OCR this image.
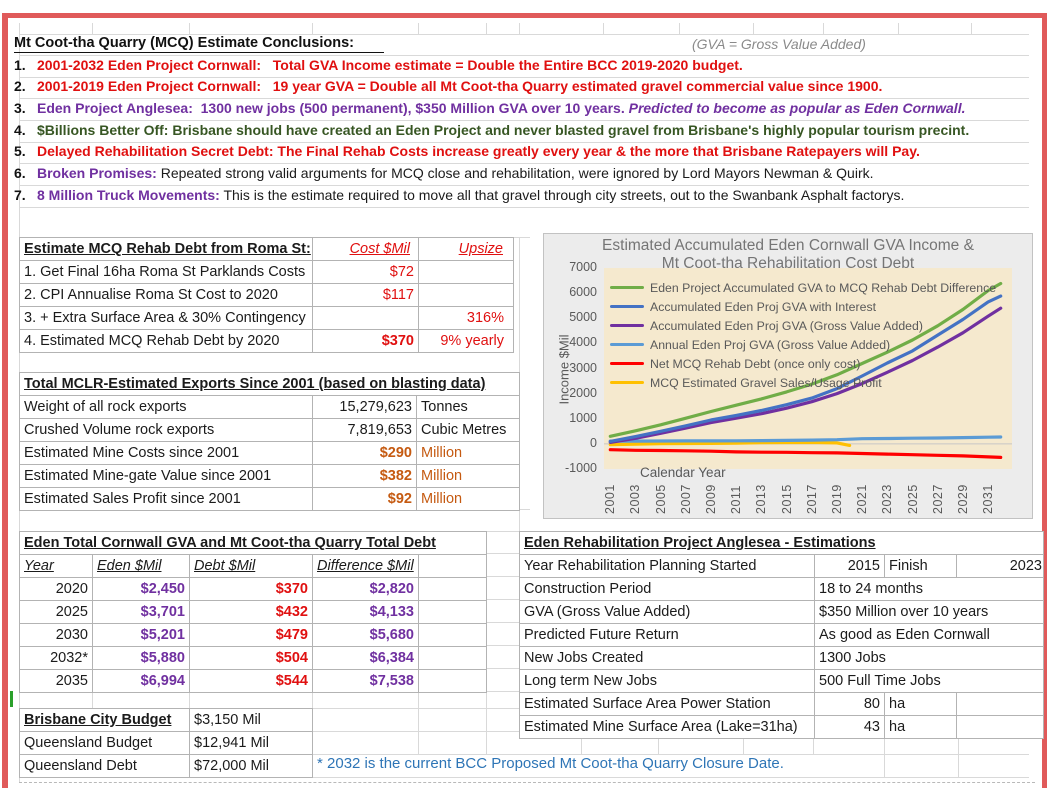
Mt Coot-tha Quarry (MCQ) Estimate Conclusions:	(GVA = Gross Value Added)
1. 2001-2032 Eden Project Cornwall:   Total GVA Income estimate = Double the Entire BCC 2019-2020 budget.
2. 2001-2019 Eden Project Cornwall:   19 year GVA = Double all Mt Coot-tha Quarry estimated gravel commercial value since 1900.
3. Eden Project Anglesea:  1300 new jobs (500 permanent), $350 Million GVA over 10 years. Predicted to become as popular as Eden Cornwall.
4. $Billions Better Off: Brisbane should have created an Eden Project and never blasted gravel from Brisbane's highly popular tourism precint.
5. Delayed Rehabilitation Secret Debt: The Final Rehab Costs increase greatly every year & the more that Brisbane Ratepayers will Pay.
6. Broken Promises: Repeated strong valid arguments for MCQ close and rehabilitation, were ignored by Lord Mayors Newman & Quirk.
7. 8 Million Truck Movements: This is the estimate required to move all that gravel through city streets, out to the Swanbank Asphalt factorys.
Estimate MCQ Rehab Debt from Roma St:	Cost $Mil	Upsize
1. Get Final 16ha Roma St Parklands Costs	$72	
2. CPI Annualise Roma St Cost to 2020	$117	
3. + Extra Surface Area & 30% Contingency		316%
4. Estimated MCQ Rehab Debt by 2020	$370	9% yearly
Total MCLR-Estimated Exports Since 2001 (based on blasting data)		
Weight of all rock exports	15,279,623	Tonnes
Crushed Volume rock exports	7,819,653	Cubic Metres
Estimated Mine Costs since 2001	$290	Million
Estimated Mine-gate Value since 2001	$382	Million
Estimated Sales Profit since 2001	$92	Million
Eden Total Cornwall GVA and Mt Coot-tha Quarry Total Debt				
Year	Eden $Mil	Debt $Mil	Difference $Mil	
2020	$2,450	$370	$2,820	
2025	$3,701	$432	$4,133	
2030	$5,201	$479	$5,680	
2032*	$5,880	$504	$6,384	
2035	$6,994	$544	$7,538	
Eden Rehabilitation Project Anglesea - Estimations			
Year Rehabilitation Planning Started	2015	Finish	2023
Construction Period	18 to 24 months		
GVA (Gross Value Added)	$350 Million over 10 years		
Predicted Future Return	As good as Eden Cornwall		
New Jobs Created	1300 Jobs		
Long term New Jobs	500 Full Time Jobs		
Estimated Surface Area Power Station	80	ha	
Estimated Mine Surface Area (Lake=31ha)	43	ha	
Brisbane City Budget	$3,150 Mil
Queensland Budget	$12,941 Mil
Queensland Debt	$72,000 Mil	* 2032 is the current BCC Proposed Mt Coot-tha Quarry Closure Date.
Estimated Accumulated Eden Cornwall GVA Income &
Mt Coot-tha Rehabilitation Cost Debt
Eden Project Accumulated GVA to MCQ Rehab Debt Difference
Accumulated Eden Proj GVA with Interest
Accumulated Eden Proj GVA (Gross Value Added)
Annual Eden Proj GVA (Gross Value Added)
Net MCQ Rehab Debt (once only cost)
MCQ Estimated Gravel Sales/Usage Profit
Income $Mil
Calendar Year
-1000
0
1000
2000
3000
4000
5000
6000
7000
2001 2003 2005 2007 2009 2011 2013 2015 2017 2019 2021 2023 2025 2027 2029 2031
